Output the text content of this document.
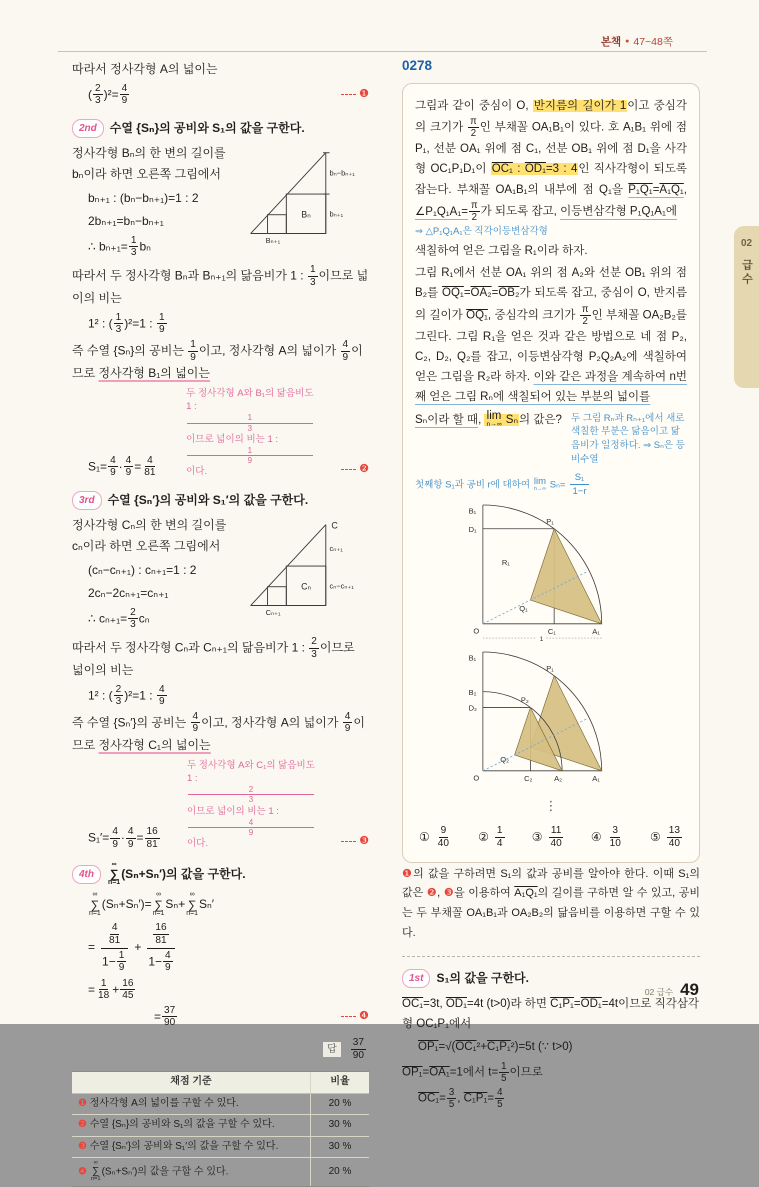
본책 ● 47~48쪽
02
급수

따라서 정사각형 A의 넓이는

( $\frac{2}{3} )^2= \frac{4}{9}$	❶
2nd 수열 {Sₙ}의 공비와 S₁의 값을 구한다.
bₙ−bₙ₊₁
bₙ₊₁
Bₙ
Bₙ₊₁

정사각형 Bₙ의 한 변의 길이를 bₙ이라 하면 오른쪽 그림에서

bₙ₊₁ : (bₙ−bₙ₊₁)=1 : 2

2bₙ₊₁=bₙ−bₙ₊₁

∴ $b_{n+1}= \frac{1}{3}$ bₙ

따라서 두 정사각형 Bₙ과 Bₙ₊₁의 닮음비가 1 : $\frac{1}{3}$ 이므로 넓이의 비는

1² : ( $\frac{1}{3} )^2=1$ : $\frac{1}{9}$

즉 수열 {Sₙ}의 공비는 $\frac{1}{9}$ 이고, 정사각형 A의 넓이가 $\frac{4}{9}$ 이므로 정사각형 B₁의 넓이는

$S_1= \frac{4}{9} \cdot \frac{4}{9} = \frac{4}{81}$
두 정사각형 A와 B₁의 닮음비도
1 :
1
3
이므로 넓이의 비는 1 :
1
9
이다.	❷
3rd 수열 {Sₙ′}의 공비와 S₁′의 값을 구한다.
C
cₙ₊₁
cₙ−cₙ₊₁
Cₙ
Cₙ₊₁

정사각형 Cₙ의 한 변의 길이를 cₙ이라 하면 오른쪽 그림에서

(cₙ−cₙ₊₁) : cₙ₊₁=1 : 2

2cₙ−2cₙ₊₁=cₙ₊₁

∴ $c_{n+1}= \frac{2}{3}$ cₙ

따라서 두 정사각형 Cₙ과 Cₙ₊₁의 닮음비가 1 : $\frac{2}{3}$ 이므로 넓이의 비는

1² : ( $\frac{2}{3} )^2=1$ : $\frac{4}{9}$

즉 수열 {Sₙ′}의 공비는 $\frac{4}{9}$ 이고, 정사각형 A의 넓이가 $\frac{4}{9}$ 이므로 정사각형 C₁의 넓이는

$S_1'= \frac{4}{9} \cdot \frac{4}{9} = \frac{16}{81}$
두 정사각형 A와 C₁의 닮음비도
1 :
2
3
이므로 넓이의 비는 1 :
4
9
이다.	❸
4th
∞
∑
n=1
(Sₙ+Sₙ′)의 값을 구한다.

∞
∑
n=1
(Sₙ+Sₙ′)=
∞
∑
n=1
Sₙ+
∞
∑
n=1
Sₙ′

= $\frac{\frac{4}{81}}{1- \frac{1}{9}} + \frac{\frac{16}{81}}{1- \frac{4}{9}}$

= $\frac{1}{18} + \frac{16}{45}$

= $\frac{37}{90}$	❹
답	$\frac{37}{90}$
채점 기준	비율
❶ 정사각형 A의 넓이를 구할 수 있다.	20 %
❷ 수열 {Sₙ}의 공비와 S₁의 값을 구할 수 있다.	30 %
❸ 수열 {Sₙ′}의 공비와 S₁′의 값을 구할 수 있다.	30 %
❹
∞
∑
n=1
(Sₙ+Sₙ′)의 값을 구할 수 있다.	20 %
0278

그림과 같이 중심이 O, 반지름의 길이가 1이고 중심각의 크기가 $\frac{\pi}{2}$ 인 부채꼴 OA₁B₁이 있다. 호 A₁B₁ 위에 점 P₁, 선분 OA₁ 위에 점 C₁, 선분 OB₁ 위에 점 D₁을 사각형 OC₁P₁D₁이 OC₁ : OD₁=3 : 4인 직사각형이 되도록 잡는다. 부채꼴 OA₁B₁의 내부에 점 Q₁을 P₁Q₁=A₁Q₁, ∠P₁Q₁A₁= $\frac{\pi}{2}$ 가 되도록 잡고, 이등변삼각형 P₁Q₁A₁에

⇒ △P₁Q₁A₁은 직각이등변삼각형

색칠하여 얻은 그림을 R₁이라 하자.

그림 R₁에서 선분 OA₁ 위의 점 A₂와 선분 OB₁ 위의 점 B₂를 OQ₁=OA₂=OB₂가 되도록 잡고, 중심이 O, 반지름의 길이가 OQ₁, 중심각의 크기가 $\frac{\pi}{2}$ 인 부채꼴 OA₂B₂를 그린다. 그림 R₁을 얻은 것과 같은 방법으로 네 점 P₂, C₂, D₂, Q₂를 잡고, 이등변삼각형 P₂Q₂A₂에 색칠하여 얻은 그림을 R₂라 하자. 이와 같은 과정을 계속하여 n번째 얻은 그림 Rₙ에 색칠되어 있는 부분의 넓이를

두 그림 Rₙ과 Rₙ₊₁에서 새로 색칠한 부분은 닮음이고 닮음비가 일정하다. ⇒ Sₙ은 등비수열

Sₙ이라 할 때, lim
n→∞ Sₙ의 값은?

첫째항 S₁과 공비 r에 대하여 lim
n→∞ $S_n= \frac{\text{S₁}}{1-r}$

B₁
D₁
P₁
R₁
Q₁
O	C₁	A₁
1
B₁
P₁
B₂
D₂
P₂
Q₂
O	C₂ A₂	A₁
⋮
① $\frac{9}{40}$ ② $\frac{1}{4}$ ③ $\frac{11}{40}$ ④ $\frac{3}{10}$ ⑤ $\frac{13}{40}$

❶의 값을 구하려면 S₁의 값과 공비를 알아야 한다. 이때 S₁의 값은 ❷, ❸을 이용하여 A₁Q₁의 길이를 구하면 알 수 있고, 공비는 두 부채꼴 OA₁B₁과 OA₂B₂의 닮음비를 이용하면 구할 수 있다.

1st S₁의 값을 구한다.

OC₁=3t, OD₁=4t (t>0)라 하면 C₁P₁=OD₁=4t이므로 직각삼각형 OC₁P₁에서

OP₁=√(OC₁²+C₁P₁²)=5t (∵ t>0)

OP₁=OA₁=1에서 $t= \frac{1}{5}$ 이므로

$OC_1= \frac{3}{5}$ , $C_1P_1= \frac{4}{5}$

02 급수 49
